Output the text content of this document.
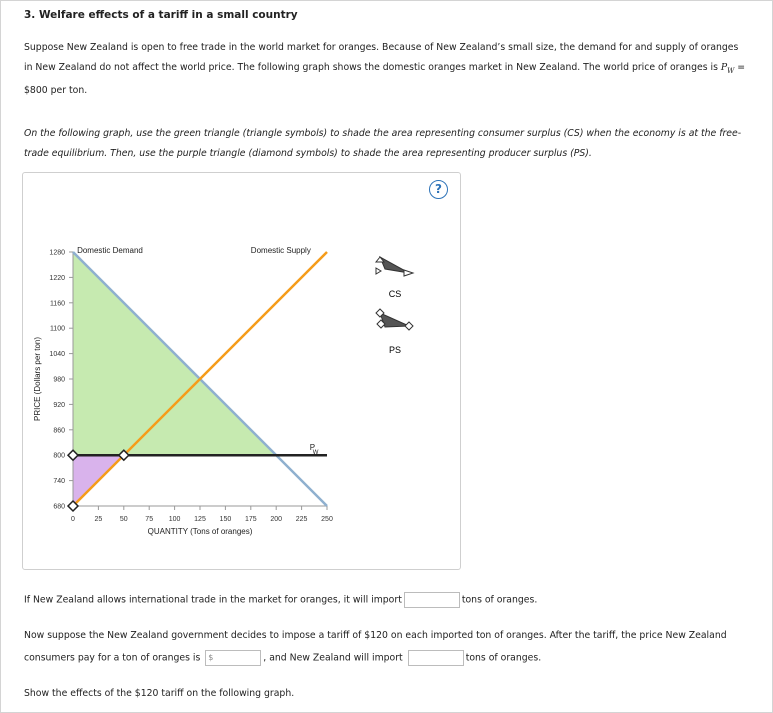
3. Welfare effects of a tariff in a small country
Suppose New Zealand is open to free trade in the world market for oranges. Because of New Zealand’s small size, the demand for and supply of oranges in New Zealand do not affect the world price. The following graph shows the domestic oranges market in New Zealand. The world price of oranges is $P_W$ = $800 per ton.
On the following graph, use the green triangle (triangle symbols) to shade the area representing consumer surplus (CS) when the economy is at the free-trade equilibrium. Then, use the purple triangle (diamond symbols) to shade the area representing producer surplus (PS).
?
680
740
800
860
920
980
1040
1100
1160
1220
1280
0	25	50	75 100 125 150 175 200 225 250
QUANTITY (Tons of oranges)
PRICE (Dollars per ton)
Domestic Demand	Domestic Supply
P
W
CS
PS
If New Zealand allows international trade in the market for oranges, it will import	tons of oranges.
Now suppose the New Zealand government decides to impose a tariff of $120 on each imported ton of oranges. After the tariff, the price New Zealand
consumers pay for a ton of oranges is $	, and New Zealand will import	tons of oranges.
Show the effects of the $120 tariff on the following graph.
